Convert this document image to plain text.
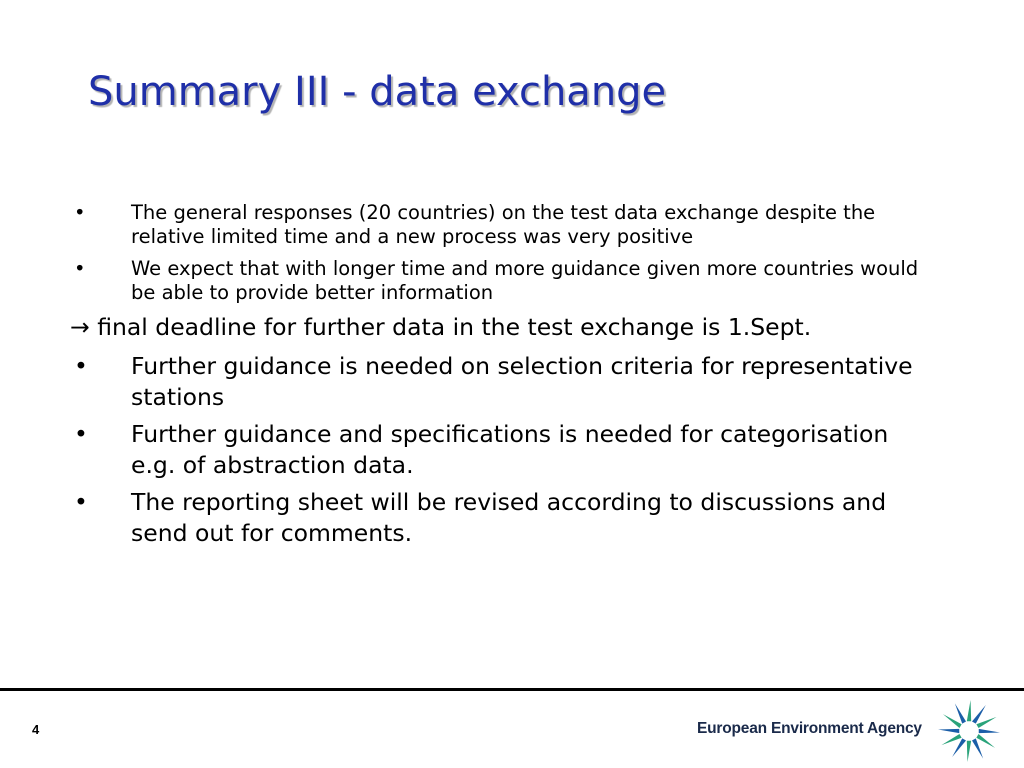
Summary III - data exchange
• The general responses (20 countries) on the test data exchange despite the relative limited time and a new process was very positive
• We expect that with longer time and more guidance given more countries would be able to provide better information
→ final deadline for further data in the test exchange is 1.Sept.
• Further guidance is needed on selection criteria for representative stations
• Further guidance and specifications is needed for categorisation e.g. of abstraction data.
• The reporting sheet will be revised according to discussions and send out for comments.
4	European Environment Agency
